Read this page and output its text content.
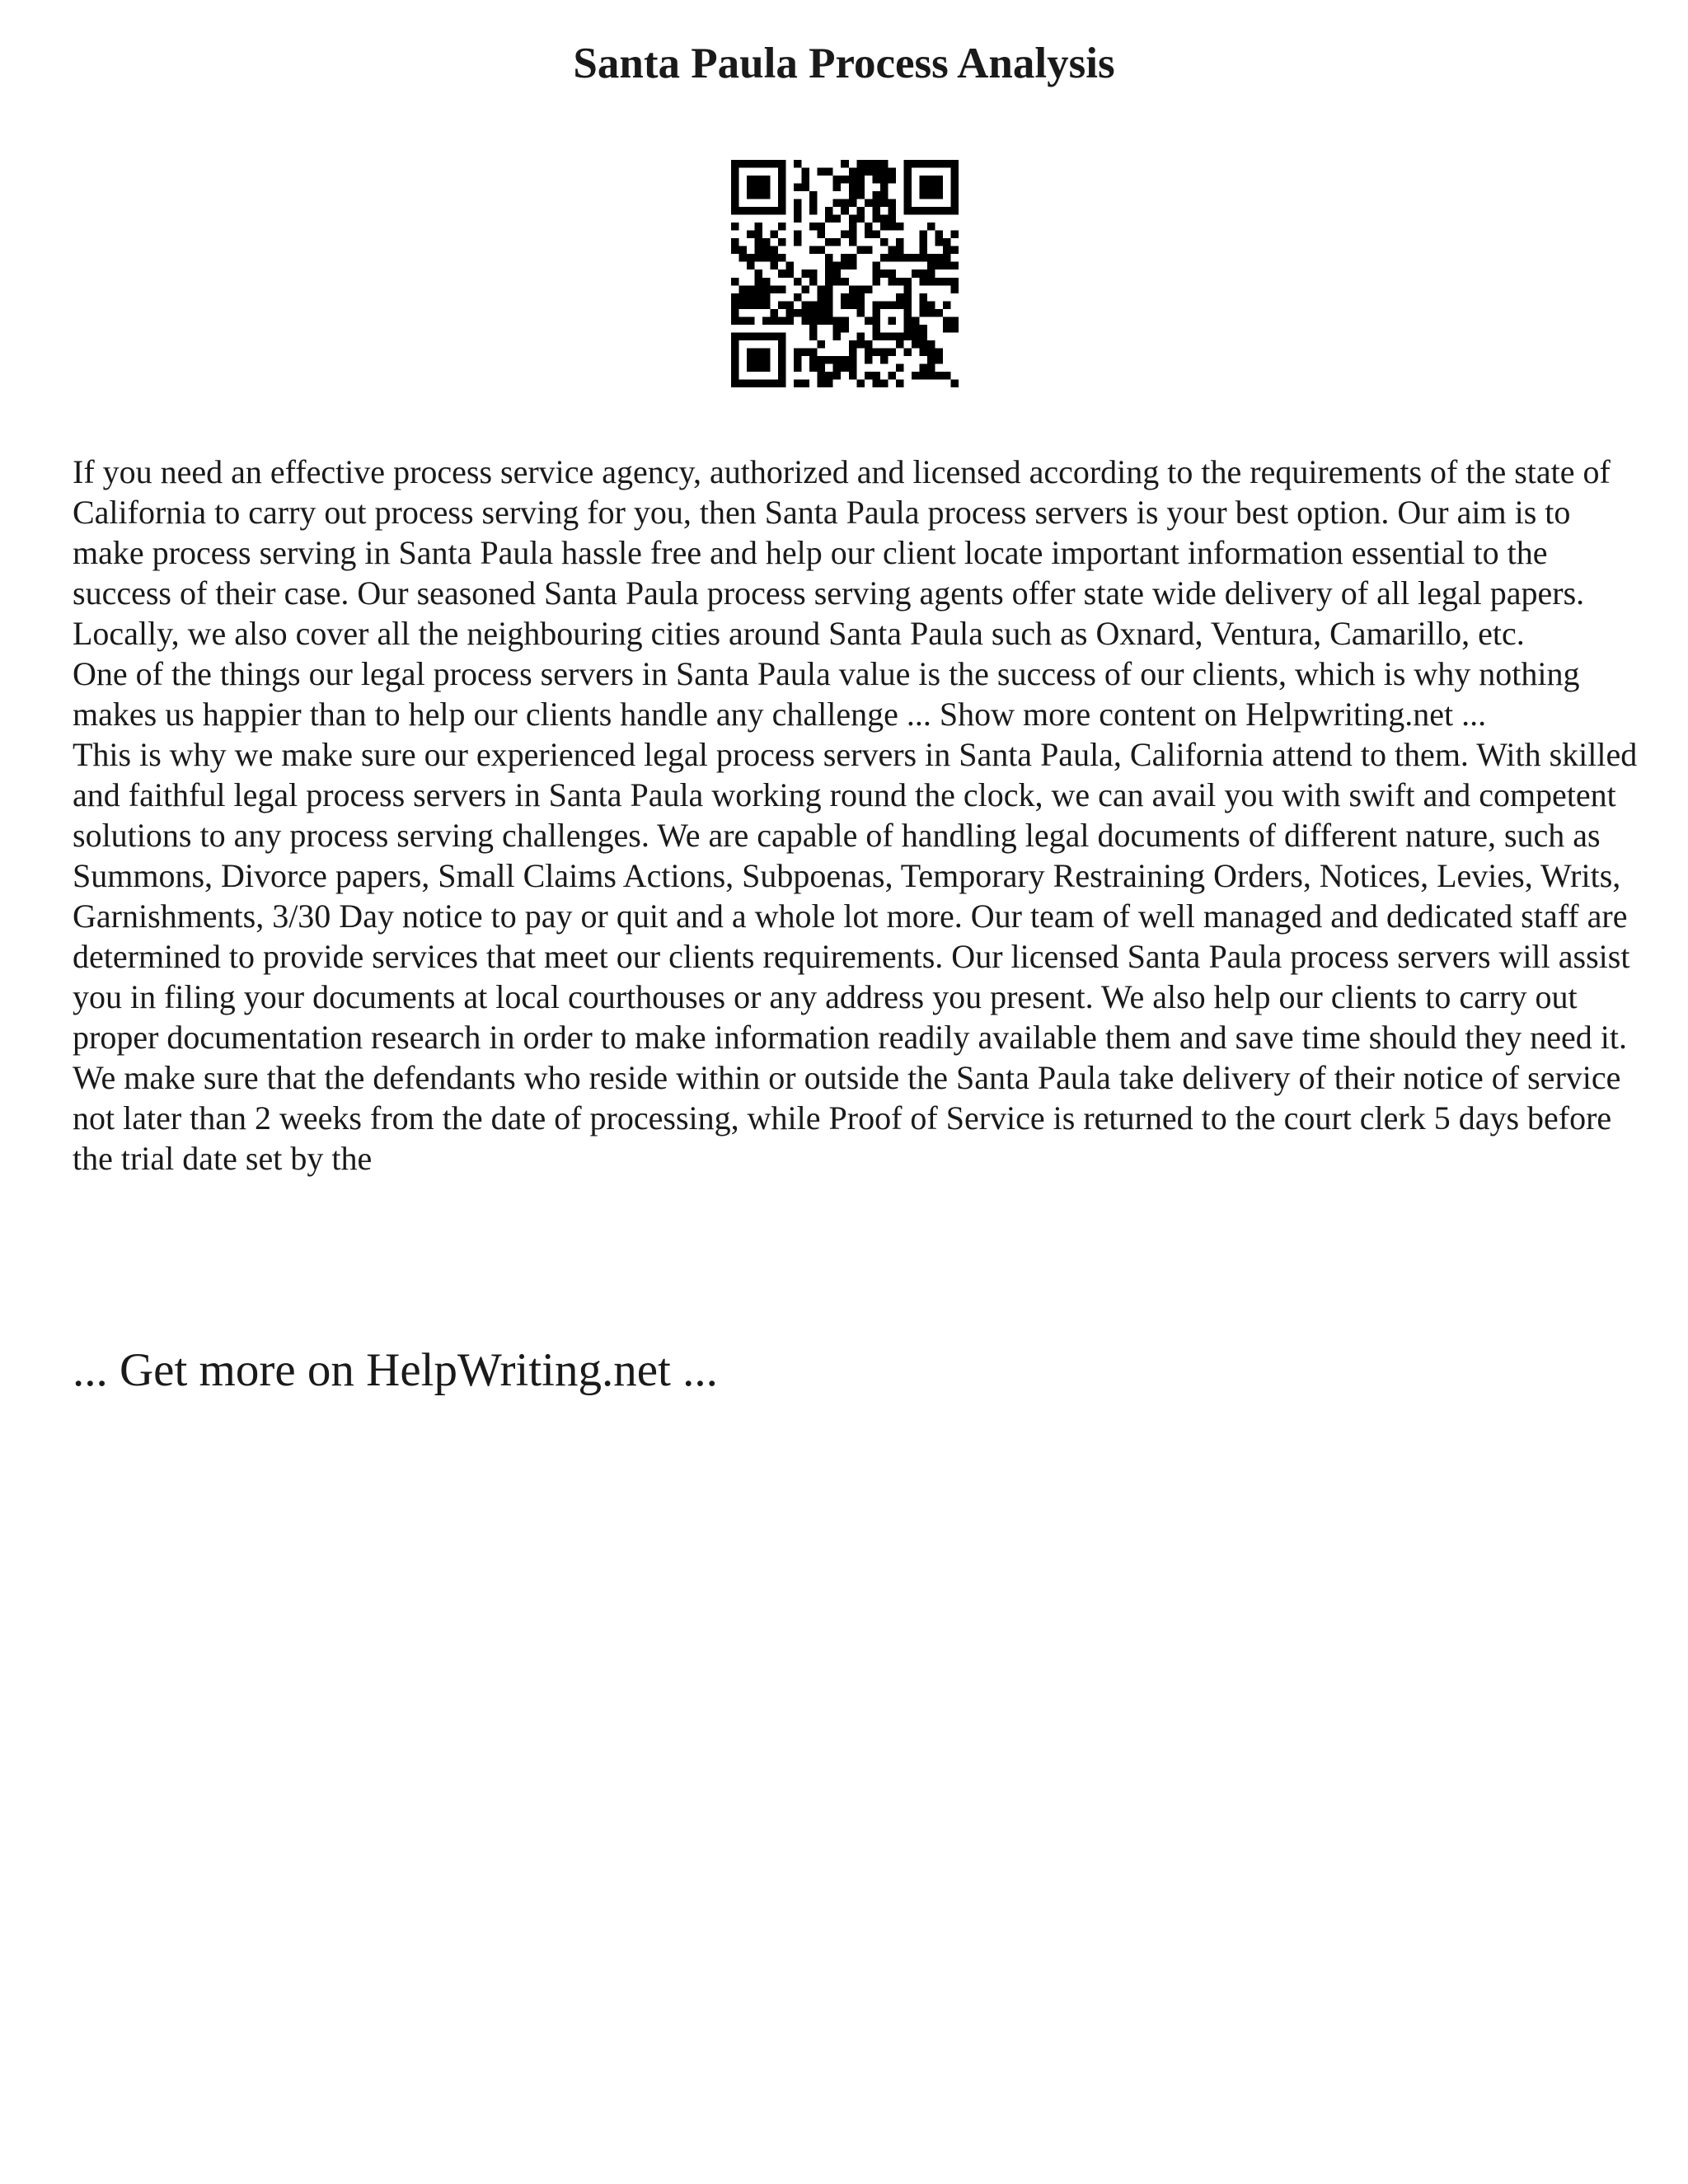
Santa Paula Process Analysis

If you need an effective process service agency, authorized and licensed according to the requirements of the state of California to carry out process serving for you, then Santa Paula process servers is your best option. Our aim is to make process serving in Santa Paula hassle free and help our client locate important information essential to the success of their case. Our seasoned Santa Paula process serving agents offer state wide delivery of all legal papers. Locally, we also cover all the neighbouring cities around Santa Paula such as Oxnard, Ventura, Camarillo, etc.

One of the things our legal process servers in Santa Paula value is the success of our clients, which is why nothing makes us happier than to help our clients handle any challenge ... Show more content on Helpwriting.net ...

This is why we make sure our experienced legal process servers in Santa Paula, California attend to them. With skilled and faithful legal process servers in Santa Paula working round the clock, we can avail you with swift and competent solutions to any process serving challenges. We are capable of handling legal documents of different nature, such as Summons, Divorce papers, Small Claims Actions, Subpoenas, Temporary Restraining Orders, Notices, Levies, Writs, Garnishments, 3/30 Day notice to pay or quit and a whole lot more. Our team of well managed and dedicated staff are determined to provide services that meet our clients requirements. Our licensed Santa Paula process servers will assist you in filing your documents at local courthouses or any address you present. We also help our clients to carry out proper documentation research in order to make information readily available them and save time should they need it. We make sure that the defendants who reside within or outside the Santa Paula take delivery of their notice of service not later than 2 weeks from the date of processing, while Proof of Service is returned to the court clerk 5 days before the trial date set by the

... Get more on HelpWriting.net ...
